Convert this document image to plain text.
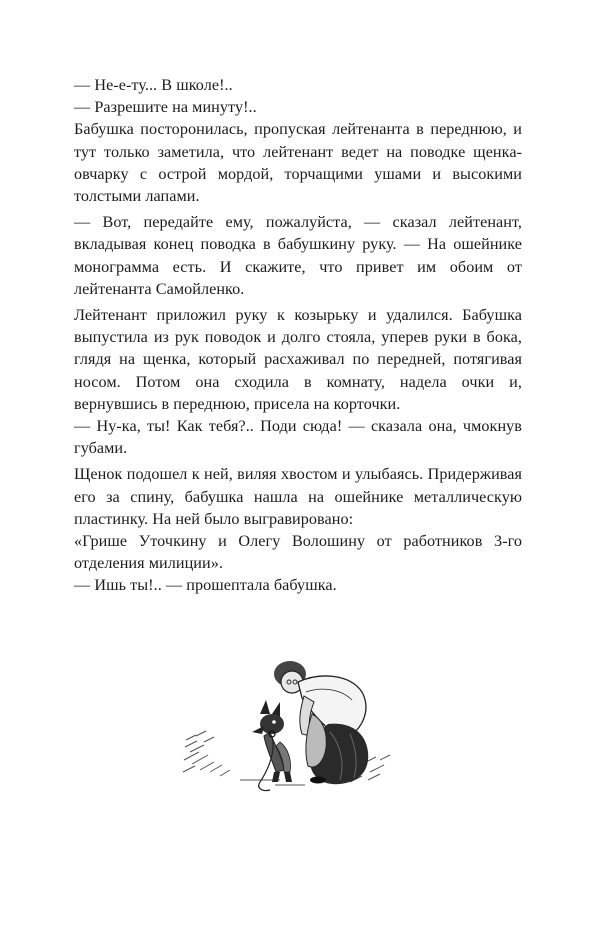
— Не-е-ту... В школе!..

— Разрешите на минуту!..

Бабушка посторонилась, пропуская лейтенанта в переднюю, и тут только заметила, что лейтенант ведет на поводке щенка-овчарку с острой мордой, торчащими ушами и высокими толстыми лапами.

— Вот, передайте ему, пожалуйста, — сказал лейтенант, вкладывая конец поводка в бабушкину руку. — На ошейнике монограмма есть. И скажите, что привет им обоим от лейтенанта Самойленко.

Лейтенант приложил руку к козырьку и удалился. Бабушка выпустила из рук поводок и долго стояла, уперев руки в бока, глядя на щенка, который расхаживал по передней, потягивая носом. Потом она сходила в комнату, надела очки и, вернувшись в переднюю, присела на корточки.

— Ну-ка, ты! Как тебя?.. Поди сюда! — сказала она, чмокнув губами.

Щенок подошел к ней, виляя хвостом и улыбаясь. Придерживая его за спину, бабушка нашла на ошейнике металлическую пластинку. На ней было выгравировано:

«Грише Уточкину и Олегу Волошину от работников 3-го отделения милиции».

— Ишь ты!.. — прошептала бабушка.
